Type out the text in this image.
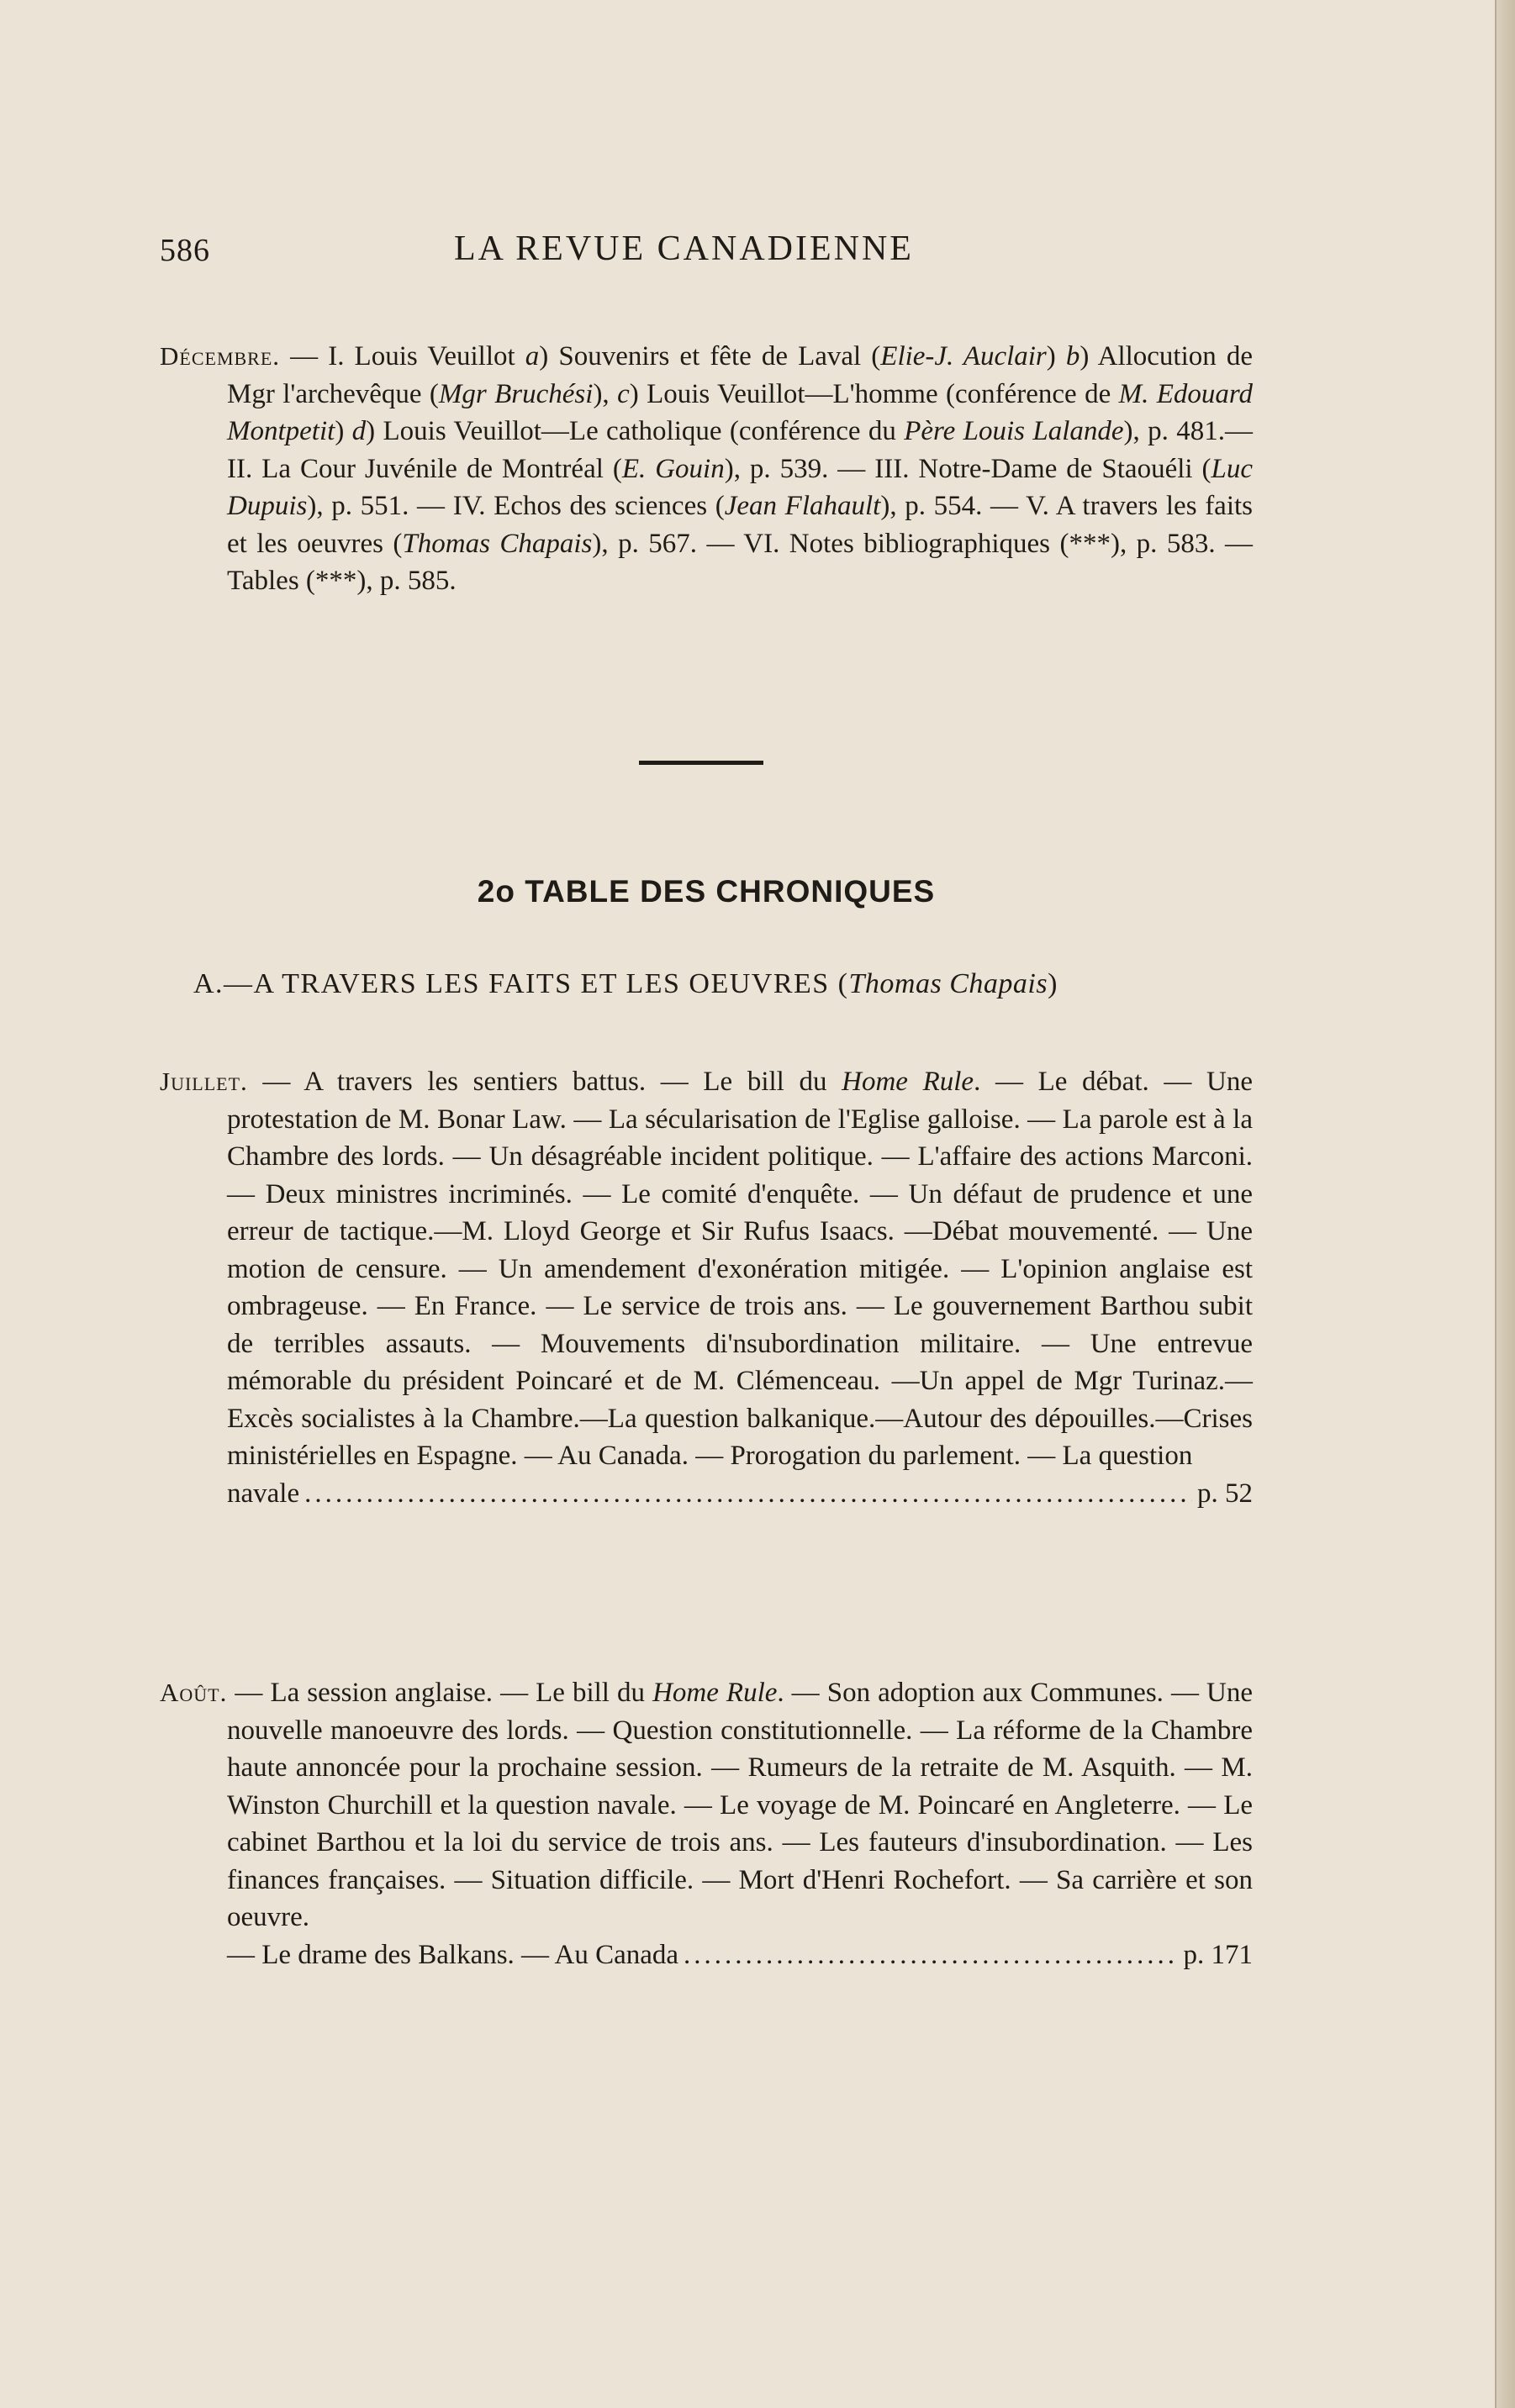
586	LA REVUE CANADIENNE
Décembre. — I. Louis Veuillot a) Souvenirs et fête de Laval (Elie-J. Auclair) b) Allocution de Mgr l'archevêque (Mgr Bruchési), c) Louis Veuillot—L'homme (conférence de M. Edouard Montpetit) d) Louis Veuillot—Le catholique (conférence du Père Louis Lalande), p. 481.— II. La Cour Juvénile de Montréal (E. Gouin), p. 539. — III. Notre-Dame de Staouéli (Luc Dupuis), p. 551. — IV. Echos des sciences (Jean Flahault), p. 554. — V. A travers les faits et les oeuvres (Thomas Chapais), p. 567. — VI. Notes bibliographiques (***), p. 583. — Tables (***), p. 585.
2o TABLE DES CHRONIQUES
A.—A TRAVERS LES FAITS ET LES OEUVRES (Thomas Chapais)
Juillet. — A travers les sentiers battus. — Le bill du Home Rule. — Le débat. — Une protestation de M. Bonar Law. — La sécularisation de l'Eglise galloise. — La parole est à la Chambre des lords. — Un désagréable incident politique. — L'affaire des actions Marconi. — Deux ministres incriminés. — Le comité d'enquête. — Un défaut de prudence et une erreur de tactique.—M. Lloyd George et Sir Rufus Isaacs. —Débat mouvementé. — Une motion de censure. — Un amendement d'exonération mitigée. — L'opinion anglaise est ombrageuse. — En France. — Le service de trois ans. — Le gouvernement Barthou subit de terribles assauts. — Mouvements di'nsubordination militaire. — Une entrevue mémorable du président Poincaré et de M. Clémenceau. —Un appel de Mgr Turinaz.—Excès socialistes à la Chambre.—La question balkanique.—Autour des dépouilles.—Crises ministérielles en Espagne. — Au Canada. — Prorogation du parlement. — La question
navale .....	p. 52
Août. — La session anglaise. — Le bill du Home Rule. — Son adoption aux Communes. — Une nouvelle manoeuvre des lords. — Question constitutionnelle. — La réforme de la Chambre haute annoncée pour la prochaine session. — Rumeurs de la retraite de M. Asquith. — M. Winston Churchill et la question navale. — Le voyage de M. Poincaré en Angleterre. — Le cabinet Barthou et la loi du service de trois ans. — Les fauteurs d'insubordination. — Les finances françaises. — Situation difficile. — Mort d'Henri Rochefort. — Sa carrière et son oeuvre.
— Le drame des Balkans. — Au Canada .....	p. 171
